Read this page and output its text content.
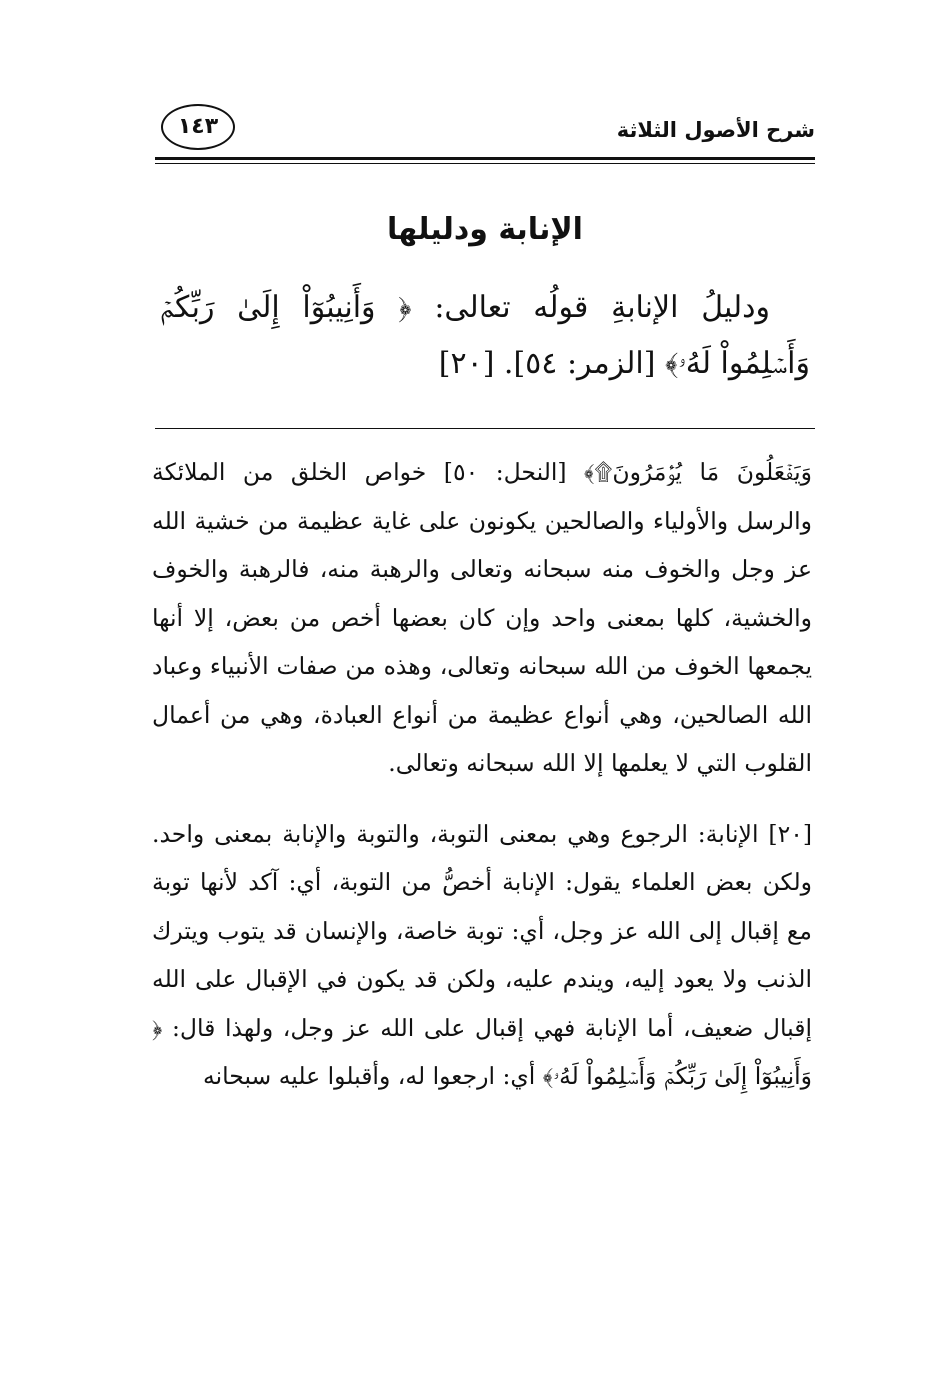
شرح الأصول الثلاثة
١٤٣
الإنابة ودليلها

ودليلُ الإنابةِ قولُه تعالى: ﴿ وَأَنِيبُوٓاْ إِلَىٰ رَبِّكُمۡ وَأَسۡلِمُواْ لَهُۥ﴾ [الزمر: ٥٤]. [٢٠]

وَيَفۡعَلُونَ مَا يُؤۡمَرُونَ۩﴾ [النحل: ٥٠] خواص الخلق من الملائكة والرسل والأولياء والصالحين يكونون على غاية عظيمة من خشية الله عز وجل والخوف منه سبحانه وتعالى والرهبة منه، فالرهبة والخوف والخشية، كلها بمعنى واحد وإن كان بعضها أخص من بعض، إلا أنها يجمعها الخوف من الله سبحانه وتعالى، وهذه من صفات الأنبياء وعباد الله الصالحين، وهي أنواع عظيمة من أنواع العبادة، وهي من أعمال القلوب التي لا يعلمها إلا الله سبحانه وتعالى.

[٢٠] الإنابة: الرجوع وهي بمعنى التوبة، والتوبة والإنابة بمعنى واحد. ولكن بعض العلماء يقول: الإنابة أخصُّ من التوبة، أي: آكد لأنها توبة مع إقبال إلى الله عز وجل، أي: توبة خاصة، والإنسان قد يتوب ويترك الذنب ولا يعود إليه، ويندم عليه، ولكن قد يكون في الإقبال على الله إقبال ضعيف، أما الإنابة فهي إقبال على الله عز وجل، ولهذا قال: ﴿ وَأَنِيبُوٓاْ إِلَىٰ رَبِّكُمۡ وَأَسۡلِمُواْ لَهُۥ﴾ أي: ارجعوا له، وأقبلوا عليه سبحانه
